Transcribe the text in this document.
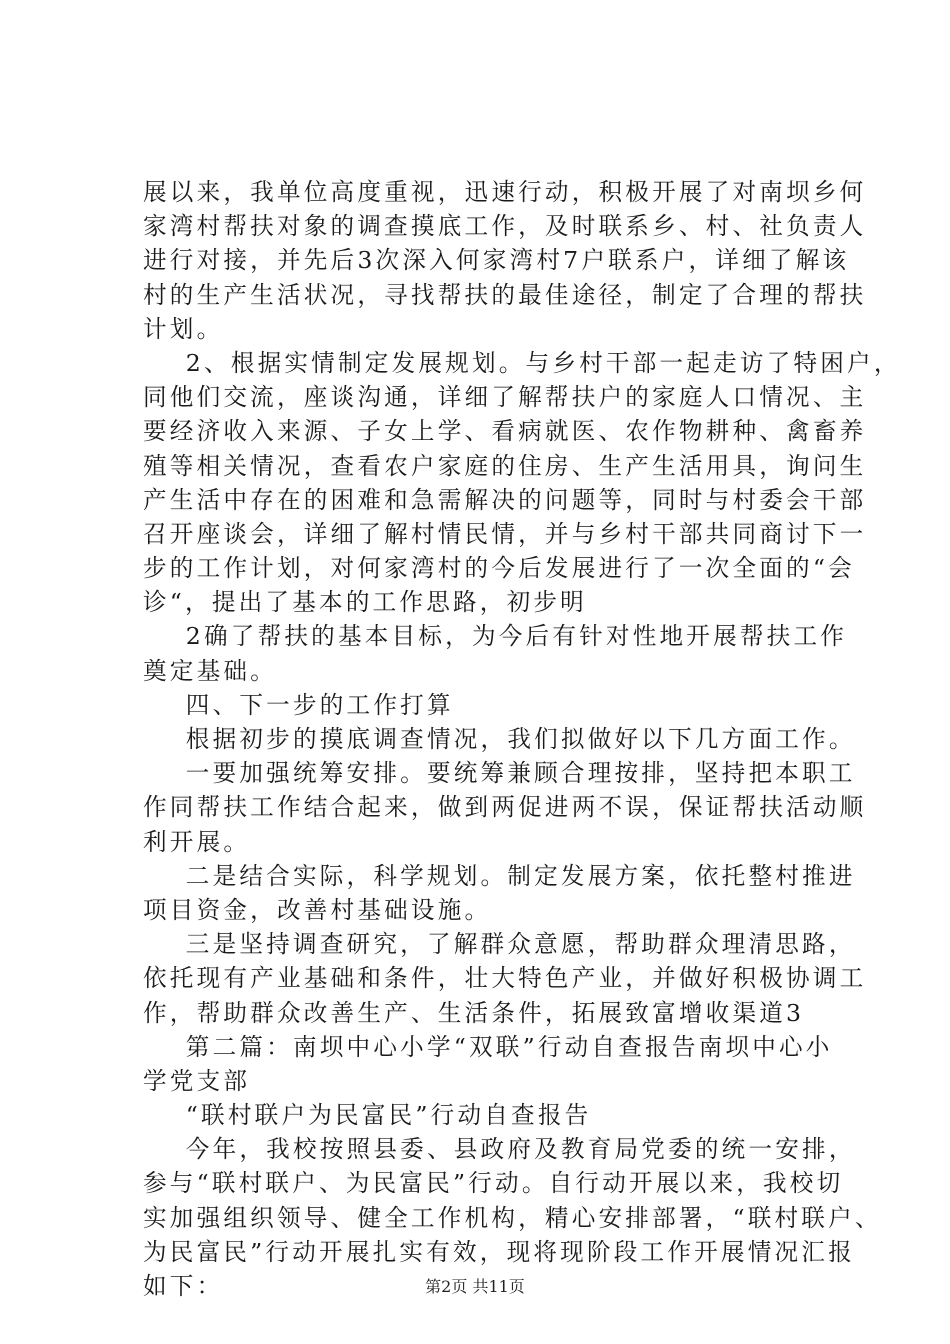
展以来，我单位高度重视，迅速行动，积极开展了对南坝乡何
家湾村帮扶对象的调查摸底工作，及时联系乡、村、社负责人
进行对接，并先后3次深入何家湾村7户联系户，详细了解该
村的生产生活状况，寻找帮扶的最佳途径，制定了合理的帮扶
计划。
2、根据实情制定发展规划。与乡村干部一起走访了特困户，
同他们交流，座谈沟通，详细了解帮扶户的家庭人口情况、主
要经济收入来源、子女上学、看病就医、农作物耕种、禽畜养
殖等相关情况，查看农户家庭的住房、生产生活用具，询问生
产生活中存在的困难和急需解决的问题等，同时与村委会干部
召开座谈会，详细了解村情民情，并与乡村干部共同商讨下一
步的工作计划，对何家湾村的今后发展进行了一次全面的“会
诊“，提出了基本的工作思路，初步明
2确了帮扶的基本目标，为今后有针对性地开展帮扶工作
奠定基础。
四、下一步的工作打算
根据初步的摸底调查情况，我们拟做好以下几方面工作。
一要加强统筹安排。要统筹兼顾合理按排，坚持把本职工
作同帮扶工作结合起来，做到两促进两不误，保证帮扶活动顺
利开展。
二是结合实际，科学规划。制定发展方案，依托整村推进
项目资金，改善村基础设施。
三是坚持调查研究，了解群众意愿，帮助群众理清思路，
依托现有产业基础和条件，壮大特色产业，并做好积极协调工
作，帮助群众改善生产、生活条件，拓展致富增收渠道3
第二篇：南坝中心小学“双联”行动自查报告南坝中心小
学党支部
“联村联户为民富民”行动自查报告
今年，我校按照县委、县政府及教育局党委的统一安排，
参与“联村联户、为民富民”行动。自行动开展以来，我校切
实加强组织领导、健全工作机构，精心安排部署，“联村联户、
为民富民”行动开展扎实有效，现将现阶段工作开展情况汇报
如下：	第2页 共11页
